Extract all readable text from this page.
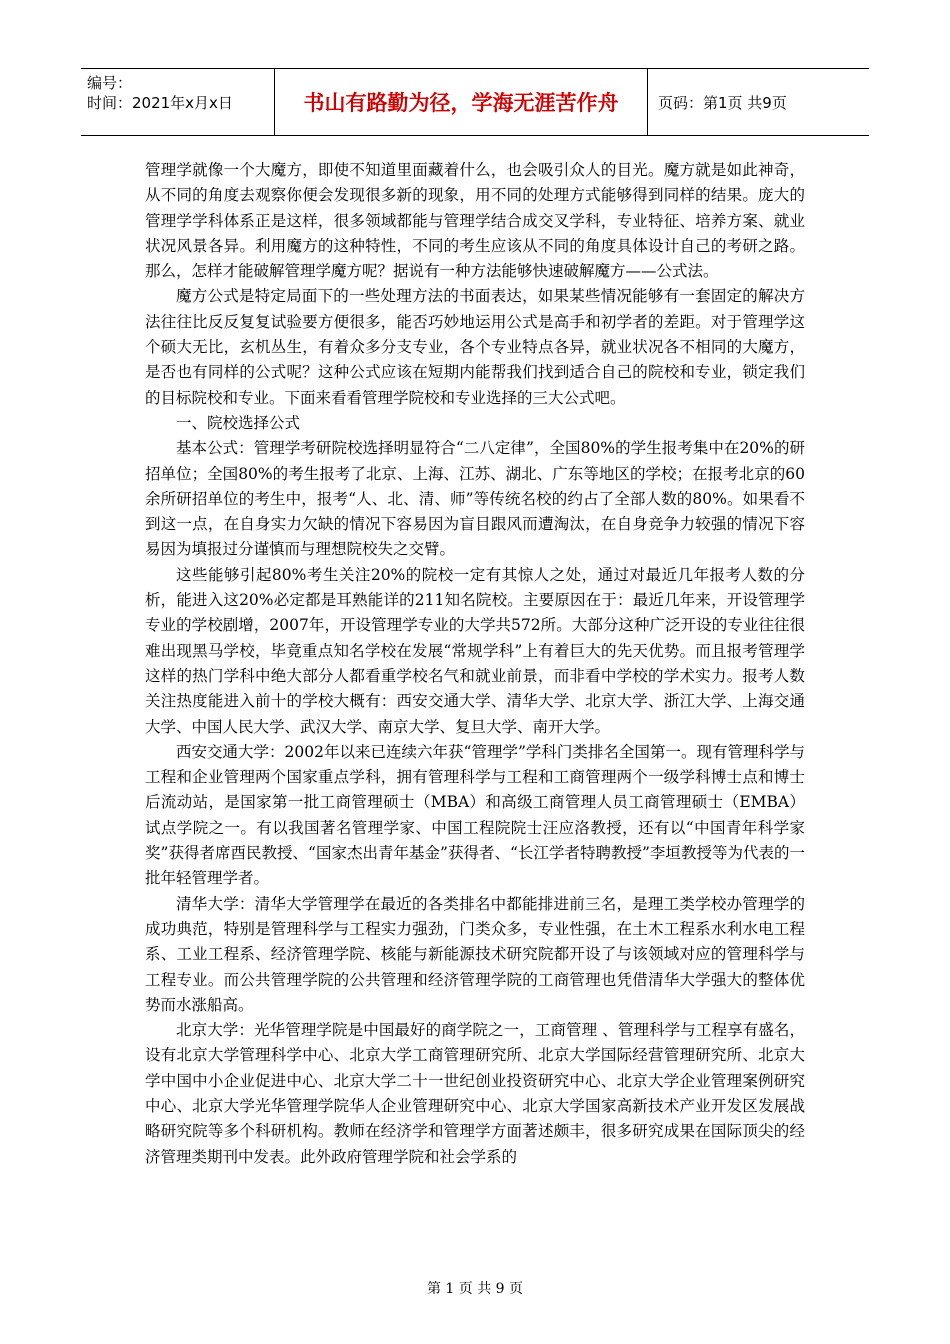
编号：
时间：2021年x月x日	书山有路勤为径，学海无涯苦作舟	页码：第1页 共9页

管理学就像一个大魔方，即使不知道里面藏着什么，也会吸引众人的目光。魔方就是如此神奇，从不同的角度去观察你便会发现很多新的现象，用不同的处理方式能够得到同样的结果。庞大的管理学学科体系正是这样，很多领域都能与管理学结合成交叉学科，专业特征、培养方案、就业状况风景各异。利用魔方的这种特性，不同的考生应该从不同的角度具体设计自己的考研之路。那么，怎样才能破解管理学魔方呢？据说有一种方法能够快速破解魔方——公式法。

魔方公式是特定局面下的一些处理方法的书面表达，如果某些情况能够有一套固定的解决方法往往比反反复复试验要方便很多，能否巧妙地运用公式是高手和初学者的差距。对于管理学这个硕大无比，玄机丛生，有着众多分支专业，各个专业特点各异，就业状况各不相同的大魔方，是否也有同样的公式呢？这种公式应该在短期内能帮我们找到适合自己的院校和专业，锁定我们的目标院校和专业。下面来看看管理学院校和专业选择的三大公式吧。

一、院校选择公式

基本公式：管理学考研院校选择明显符合“二八定律”，全国80%的学生报考集中在20%的研招单位；全国80%的考生报考了北京、上海、江苏、湖北、广东等地区的学校；在报考北京的60余所研招单位的考生中，报考“人、北、清、师”等传统名校的约占了全部人数的80%。如果看不到这一点，在自身实力欠缺的情况下容易因为盲目跟风而遭淘汰，在自身竞争力较强的情况下容易因为填报过分谨慎而与理想院校失之交臂。

这些能够引起80%考生关注20%的院校一定有其惊人之处，通过对最近几年报考人数的分析，能进入这20%必定都是耳熟能详的211知名院校。主要原因在于：最近几年来，开设管理学专业的学校剧增，2007年，开设管理学专业的大学共572所。大部分这种广泛开设的专业往往很难出现黑马学校，毕竟重点知名学校在发展“常规学科”上有着巨大的先天优势。而且报考管理学这样的热门学科中绝大部分人都看重学校名气和就业前景，而非看中学校的学术实力。报考人数关注热度能进入前十的学校大概有：西安交通大学、清华大学、北京大学、浙江大学、上海交通大学、中国人民大学、武汉大学、南京大学、复旦大学、南开大学。

西安交通大学：2002年以来已连续六年获“管理学”学科门类排名全国第一。现有管理科学与工程和企业管理两个国家重点学科，拥有管理科学与工程和工商管理两个一级学科博士点和博士后流动站，是国家第一批工商管理硕士（MBA）和高级工商管理人员工商管理硕士（EMBA）试点学院之一。有以我国著名管理学家、中国工程院院士汪应洛教授，还有以“中国青年科学家奖”获得者席酉民教授、“国家杰出青年基金”获得者、“长江学者特聘教授”李垣教授等为代表的一批年轻管理学者。

清华大学：清华大学管理学在最近的各类排名中都能排进前三名，是理工类学校办管理学的成功典范，特别是管理科学与工程实力强劲，门类众多，专业性强，在土木工程系水利水电工程系、工业工程系、经济管理学院、核能与新能源技术研究院都开设了与该领域对应的管理科学与工程专业。而公共管理学院的公共管理和经济管理学院的工商管理也凭借清华大学强大的整体优势而水涨船高。

北京大学：光华管理学院是中国最好的商学院之一，工商管理 、管理科学与工程享有盛名，设有北京大学管理科学中心、北京大学工商管理研究所、北京大学国际经营管理研究所、北京大学中国中小企业促进中心、北京大学二十一世纪创业投资研究中心、北京大学企业管理案例研究中心、北京大学光华管理学院华人企业管理研究中心、北京大学国家高新技术产业开发区发展战略研究院等多个科研机构。教师在经济学和管理学方面著述颇丰，很多研究成果在国际顶尖的经济管理类期刊中发表。此外政府管理学院和社会学系的

第 1 页 共 9 页
